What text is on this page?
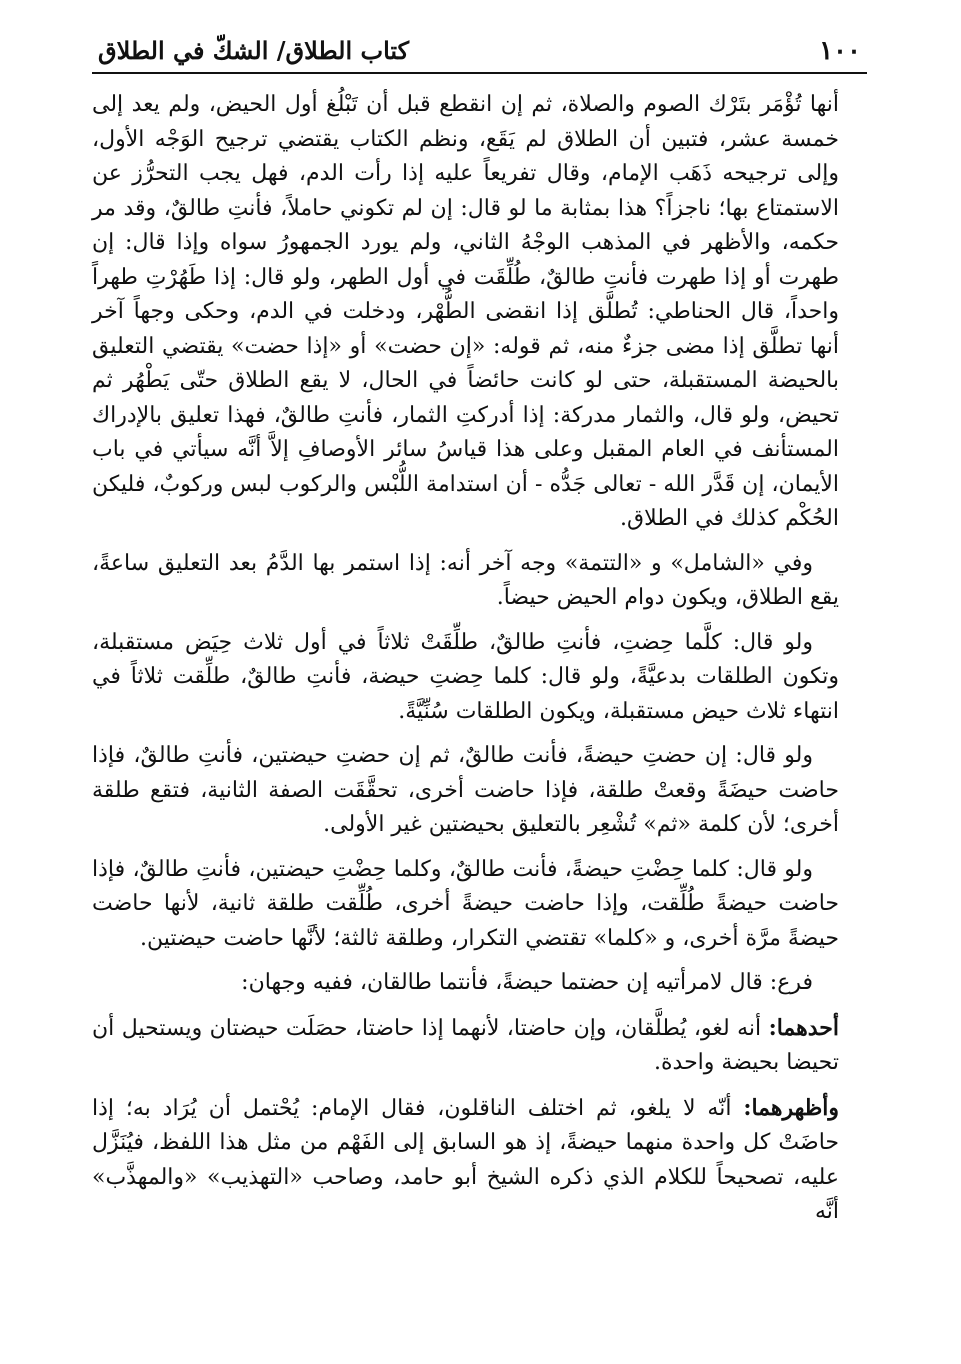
١٠٠
كتاب الطلاق/ الشكّ في الطلاق

أنها تُؤْمَر بتَرْك الصوم والصلاة، ثم إن انقطع قبل أن تَبْلُغ أول الحيض، ولم يعد إلى خمسة عشر، فتبين أن الطلاق لم يَقَع، ونظم الكتاب يقتضي ترجيح الوَجْه الأول، وإلى ترجيحه ذَهَب الإمام، وقال تفريعاً عليه إذا رأت الدم، فهل يجب التحرُّز عن الاستمتاع بها؛ ناجزاً؟ هذا بمثابة ما لو قال: إن لم تكوني حاملاً، فأنتِ طالقٌ، وقد مر حكمه، والأظهر في المذهب الوجْهُ الثاني، ولم يورد الجمهورُ سواه وإذا قال: إن طهرت أو إذا طهرت فأنتِ طالقٌ، طُلِّقَت في أول الطهر، ولو قال: إذا طَهُرْتِ طهراً واحداً، قال الحناطي: تُطلَّق إذا انقضى الطُّهْر، ودخلت في الدم، وحكى وجهاً آخر أنها تطلَّق إذا مضى جزءٌ منه، ثم قوله: «إن حضت» أو «إذا حضت» يقتضي التعليق بالحيضة المستقبلة، حتى لو كانت حائضاً في الحال، لا يقع الطلاق حتّى يَطْهُر ثم تحيض، ولو قال، والثمار مدركة: إذا أدركتِ الثمار، فأنتِ طالقٌ، فهذا تعليق بالإدراك المستأنف في العام المقبل وعلى هذا قياسُ سائر الأوصافِ إلاَّ أنَّه سيأتي في باب الأيمان، إن قَدَّر الله - تعالى جَدُّه - أن استدامة اللُّبْس والركوب لبس وركوبٌ، فليكن الحُكْم كذلك في الطلاق.

وفي «الشامل» و «التتمة» وجه آخر أنه: إذا استمر بها الدَّمُ بعد التعليق ساعةً، يقع الطلاق، ويكون دوام الحيض حيضاً.

ولو قال: كلَّما حِضتِ، فأنتِ طالقٌ، طلِّقَتْ ثلاثاً في أول ثلاث حِيَض مستقبلة، وتكون الطلقات بدعيَّةً، ولو قال: كلما حِضتِ حيضة، فأنتِ طالقٌ، طلِّقت ثلاثاً في انتهاء ثلاث حيض مستقبلة، ويكون الطلقات سُنِّيَّةً.

ولو قال: إن حضتِ حيضةً، فأنت طالقٌ، ثم إن حضتِ حيضتين، فأنتِ طالقٌ، فإذا حاضت حيضَةً وقعتْ طلقة، فإذا حاضت أخرى، تحقَّقَت الصفة الثانية، فتقع طلقة أخرى؛ لأن كلمة «ثم» تُشْعِر بالتعليق بحيضتين غير الأولى.

ولو قال: كلما حِضْتِ حيضةً، فأنت طالقٌ، وكلما حِضْتِ حيضتين، فأنتِ طالقٌ، فإذا حاضت حيضةً طُلِّقت، وإذا حاضت حيضةً أخرى، طُلِّقت طلقة ثانية، لأنها حاضت حيضةً مرَّة أخرى، و «كلما» تقتضي التكرار، وطلقة ثالثة؛ لأنَّها حاضت حيضتين.

فرع: قال لامرأتيه إن حضتما حيضةً، فأنتما طالقان، ففيه وجهان:

أحدهما: أنه لغو، يُطلَّقان، وإن حاضتا، لأنهما إذا حاضتا، حصَلَت حيضتان ويستحيل أن تحيضا بحيضة واحدة.

وأظهرهما: أنّه لا يلغو، ثم اختلف الناقلون، فقال الإمام: يُحْتمل أن يُرَاد به؛ إذا حاضَتْ كل واحدة منهما حيضةً، إذ هو السابق إلى الفَهْم من مثل هذا اللفظ، فيُنَزَّل عليه، تصحيحاً للكلام الذي ذكره الشيخ أبو حامد، وصاحب «التهذيب» «والمهذَّب» أنَّه
